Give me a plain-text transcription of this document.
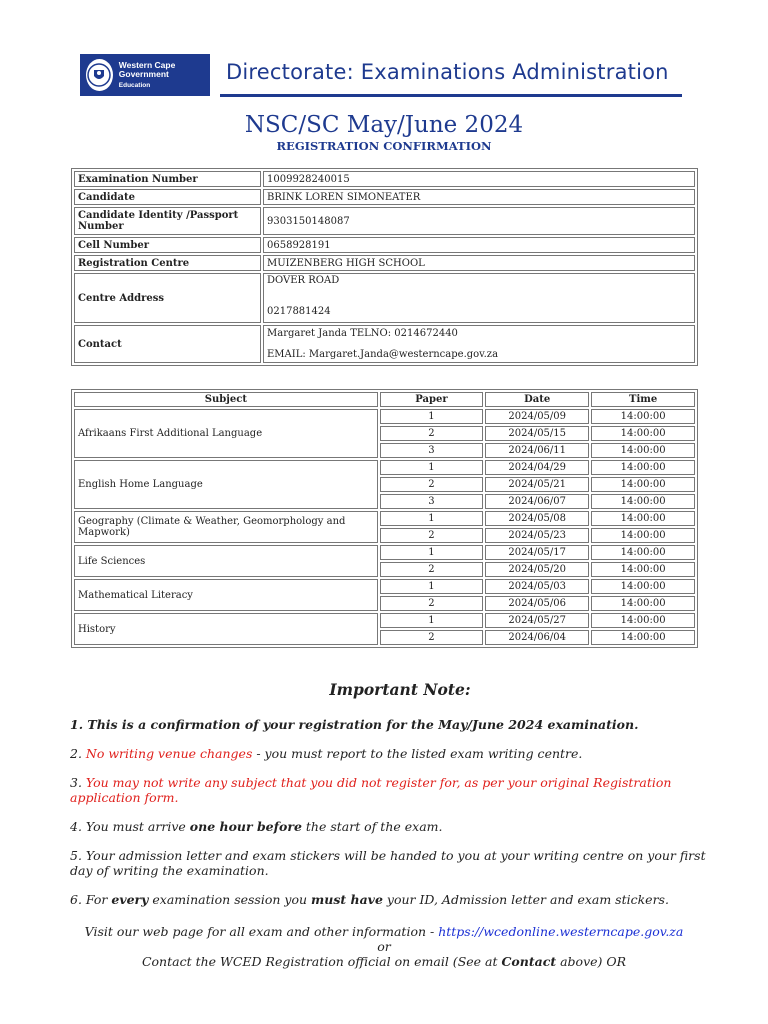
Western Cape Government
Education
Directorate: Examinations Administration
NSC/SC May/June 2024
REGISTRATION CONFIRMATION
Examination Number	1009928240015
Candidate	BRINK LOREN SIMONEATER
Candidate Identity /Passport Number	9303150148087
Cell Number	0658928191
Registration Centre	MUIZENBERG HIGH SCHOOL
Centre Address	DOVER ROAD
0217881424

Contact	Margaret Janda TELNO: 0214672440
EMAIL: Margaret.Janda@westerncape.gov.za
Subject	Paper	Date	Time
Afrikaans First Additional Language	1	2024/05/09	14:00:00
	2	2024/05/15	14:00:00
	3	2024/06/11	14:00:00
English Home Language	1	2024/04/29	14:00:00
	2	2024/05/21	14:00:00
	3	2024/06/07	14:00:00
Geography (Climate & Weather, Geomorphology and Mapwork)	1	2024/05/08	14:00:00
	2	2024/05/23	14:00:00
Life Sciences	1	2024/05/17	14:00:00
	2	2024/05/20	14:00:00
Mathematical Literacy	1	2024/05/03	14:00:00
	2	2024/05/06	14:00:00
History	1	2024/05/27	14:00:00
	2	2024/06/04	14:00:00
Important Note:

1. This is a confirmation of your registration for the May/June 2024 examination.

2. No writing venue changes - you must report to the listed exam writing centre.

3. You may not write any subject that you did not register for, as per your original Registration application form.

4. You must arrive one hour before the start of the exam.

5. Your admission letter and exam stickers will be handed to you at your writing centre on your first day of writing the examination.

6. For every examination session you must have your ID, Admission letter and exam stickers.

Visit our web page for all exam and other information - https://wcedonline.westerncape.gov.za
or
Contact the WCED Registration official on email (See at Contact above) OR
